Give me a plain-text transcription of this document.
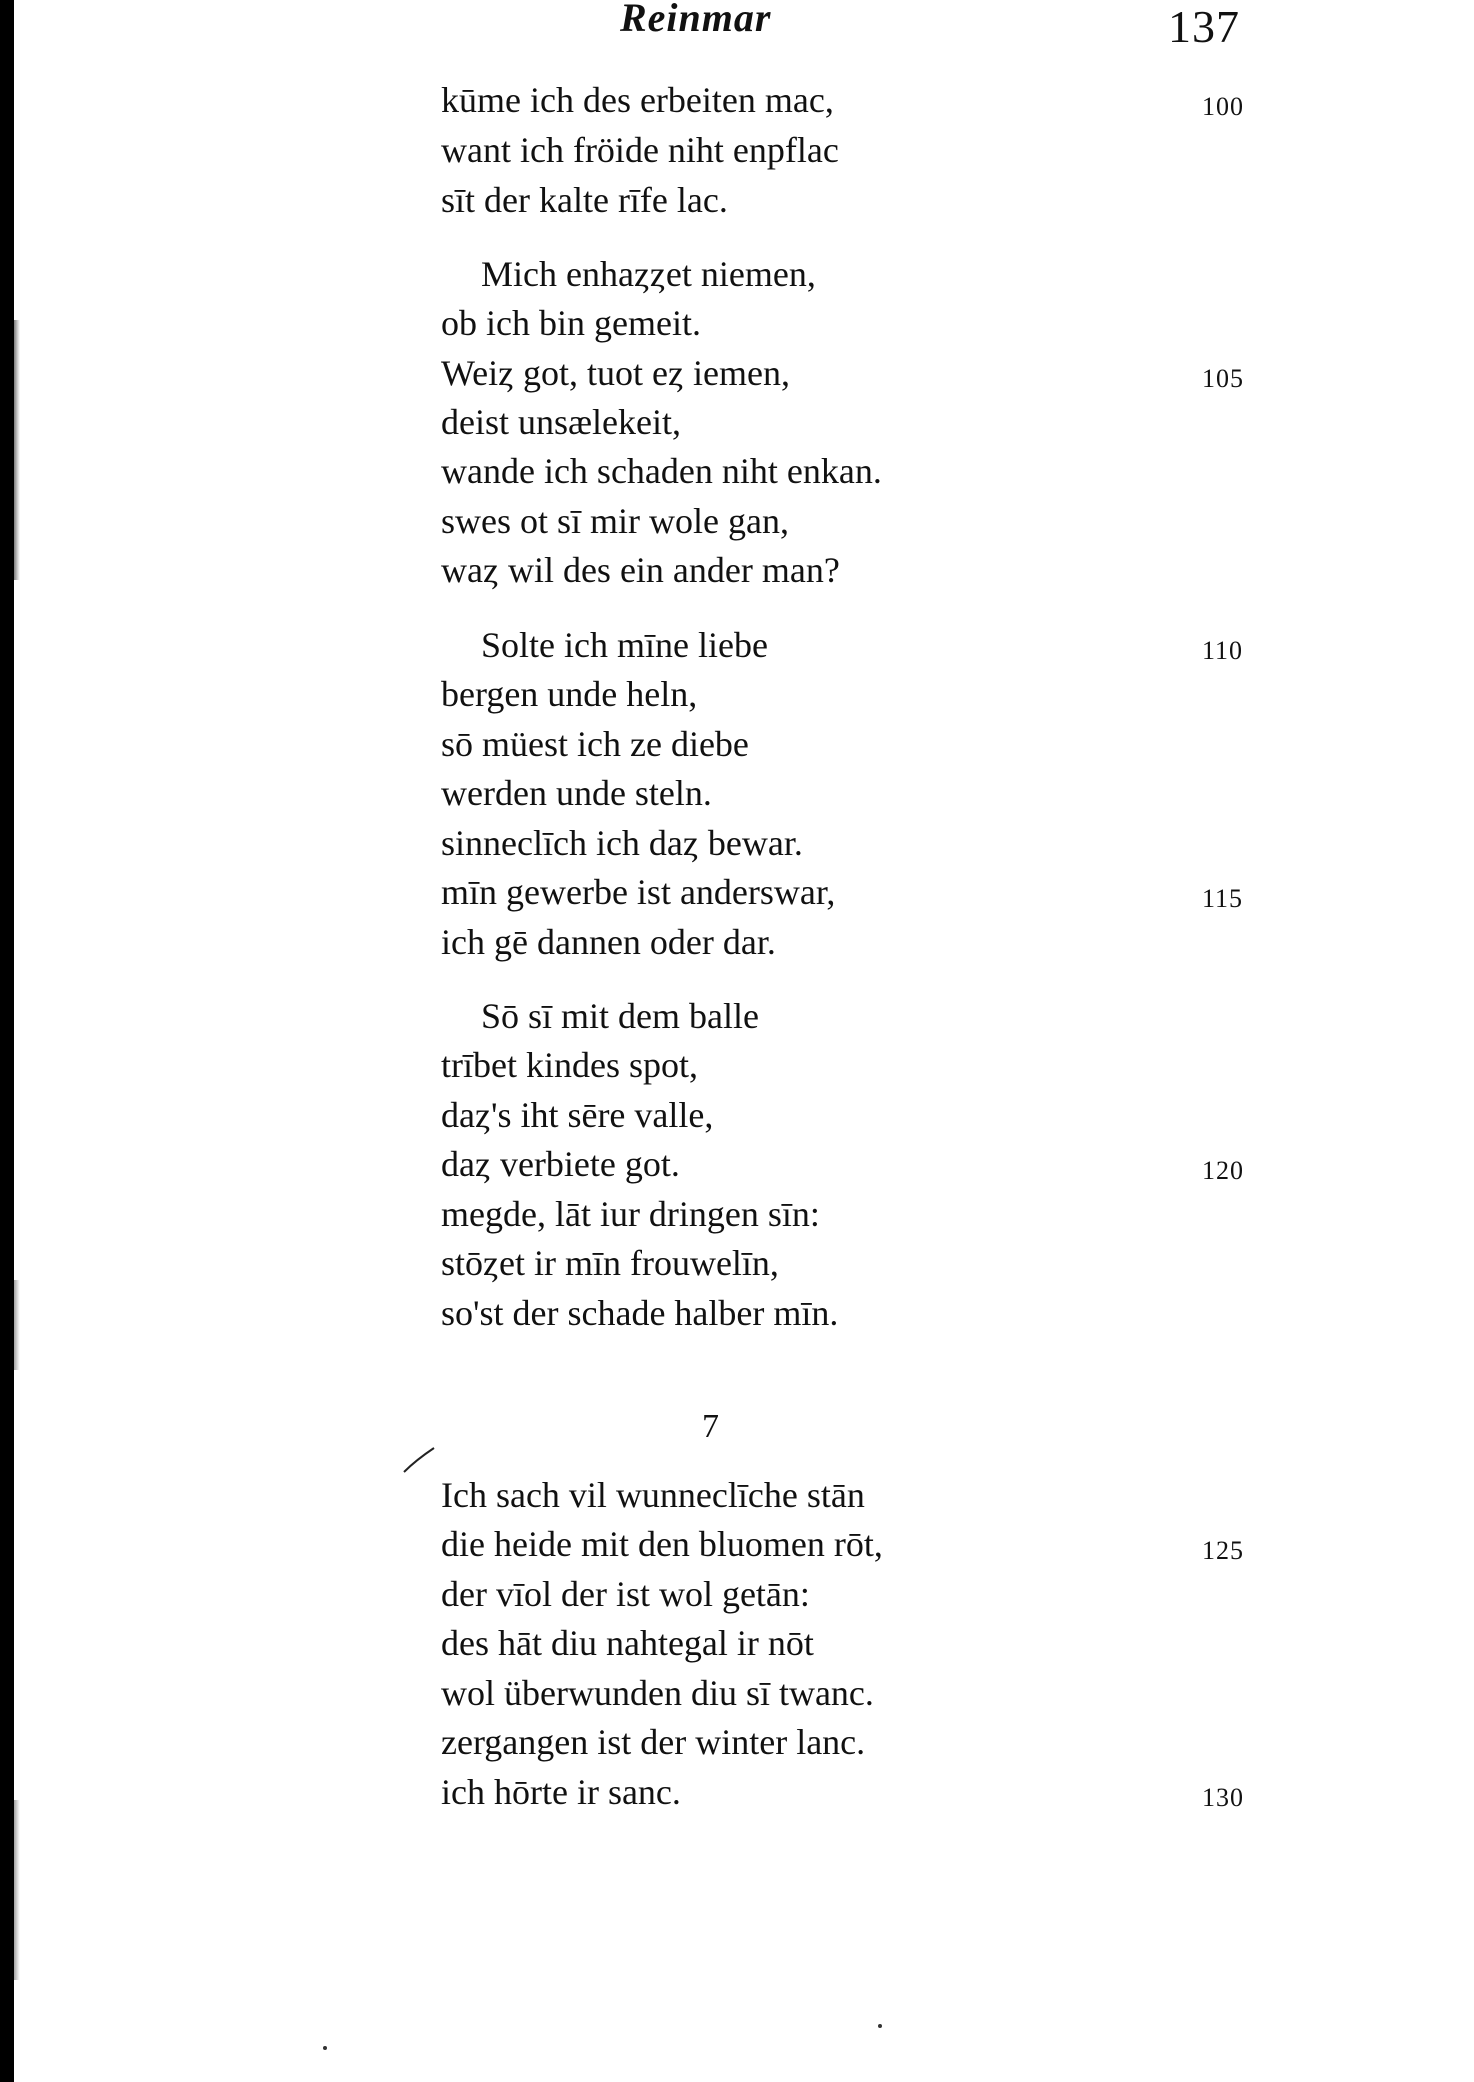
Reinmar	137
kūme ich des erbeiten mac,
want ich fröide niht enpflac
sīt der kalte rīfe lac.
Mich enhaȥȥet niemen,
ob ich bin gemeit.
Weiȥ got, tuot eȥ iemen,
deist unsælekeit,
wande ich schaden niht enkan.
swes ot sī mir wole gan,
waȥ wil des ein ander man?
Solte ich mīne liebe
bergen unde heln,
sō müest ich ze diebe
werden unde steln.
sinneclīch ich daȥ bewar.
mīn gewerbe ist anderswar,
ich gē dannen oder dar.
Sō sī mit dem balle
trībet kindes spot,
daȥ's iht sēre valle,
daȥ verbiete got.
megde, lāt iur dringen sīn:
stōȥet ir mīn frouwelīn,
so'st der schade halber mīn.
7
Ich sach vil wunneclīche stān
die heide mit den bluomen rōt,
der vīol der ist wol getān:
des hāt diu nahtegal ir nōt
wol überwunden diu sī twanc.
zergangen ist der winter lanc.
ich hōrte ir sanc.
100
105
110
115
120
125
130
